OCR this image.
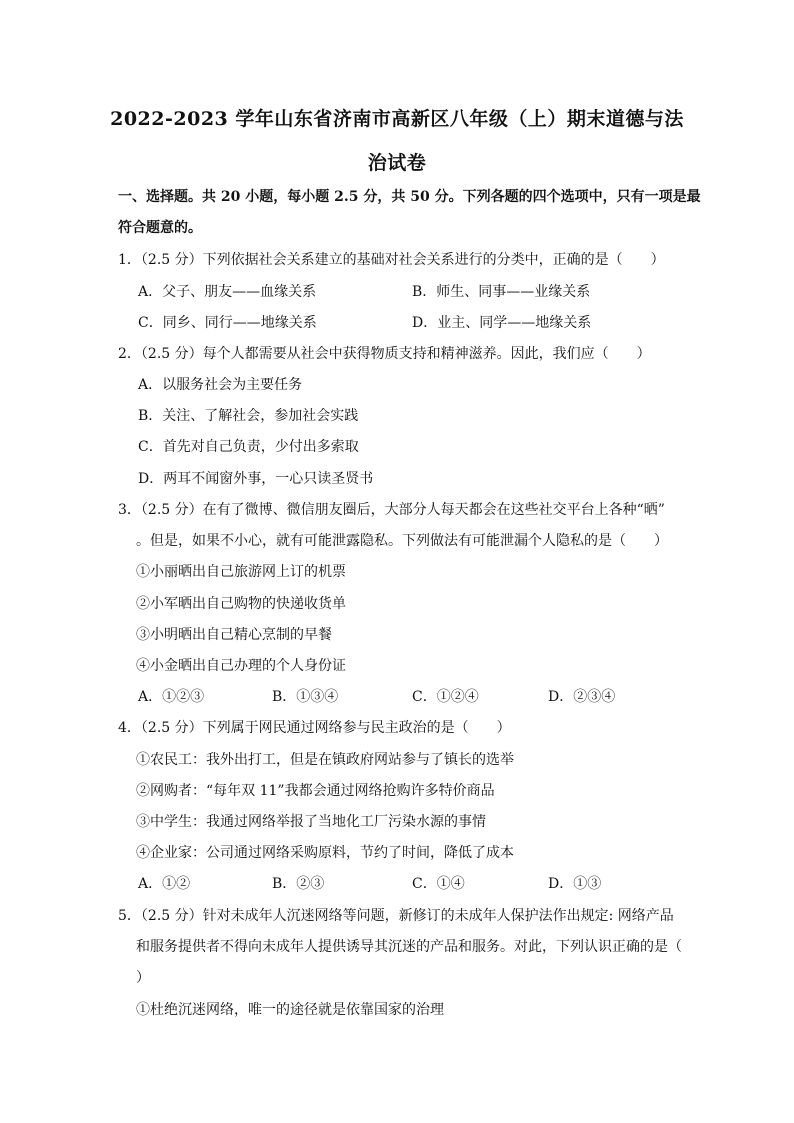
2022-2023 学年山东省济南市高新区八年级（上）期末道德与法
治试卷
一、选择题。共 20 小题，每小题 2.5 分，共 50 分。下列各题的四个选项中，只有一项是最
符合题意的。
1．（2.5 分）下列依据社会关系建立的基础对社会关系进行的分类中，正确的是（　　）
A．父子、朋友——血缘关系	B．师生、同事——业缘关系
C．同乡、同行——地缘关系	D．业主、同学——地缘关系
2．（2.5 分）每个人都需要从社会中获得物质支持和精神滋养。因此，我们应（　　）
A．以服务社会为主要任务
B．关注、了解社会，参加社会实践
C．首先对自己负责，少付出多索取
D．两耳不闻窗外事，一心只读圣贤书
3．（2.5 分）在有了微博、微信朋友圈后，大部分人每天都会在这些社交平台上各种“晒”
。但是，如果不小心，就有可能泄露隐私。下列做法有可能泄漏个人隐私的是（　　）
①小丽晒出自己旅游网上订的机票
②小军晒出自己购物的快递收货单
③小明晒出自己精心烹制的早餐
④小金晒出自己办理的个人身份证
A．①②③	B．①③④	C．①②④	D．②③④
4．（2.5 分）下列属于网民通过网络参与民主政治的是（　　）
①农民工：我外出打工，但是在镇政府网站参与了镇长的选举
②网购者：“每年双 11”我都会通过网络抢购许多特价商品
③中学生：我通过网络举报了当地化工厂污染水源的事情
④企业家：公司通过网络采购原料，节约了时间，降低了成本
A．①②	B．②③	C．①④	D．①③
5．（2.5 分）针对未成年人沉迷网络等问题，新修订的未成年人保护法作出规定: 网络产品
和服务提供者不得向未成年人提供诱导其沉迷的产品和服务。对此，下列认识正确的是（
）
①杜绝沉迷网络，唯一的途径就是依靠国家的治理
